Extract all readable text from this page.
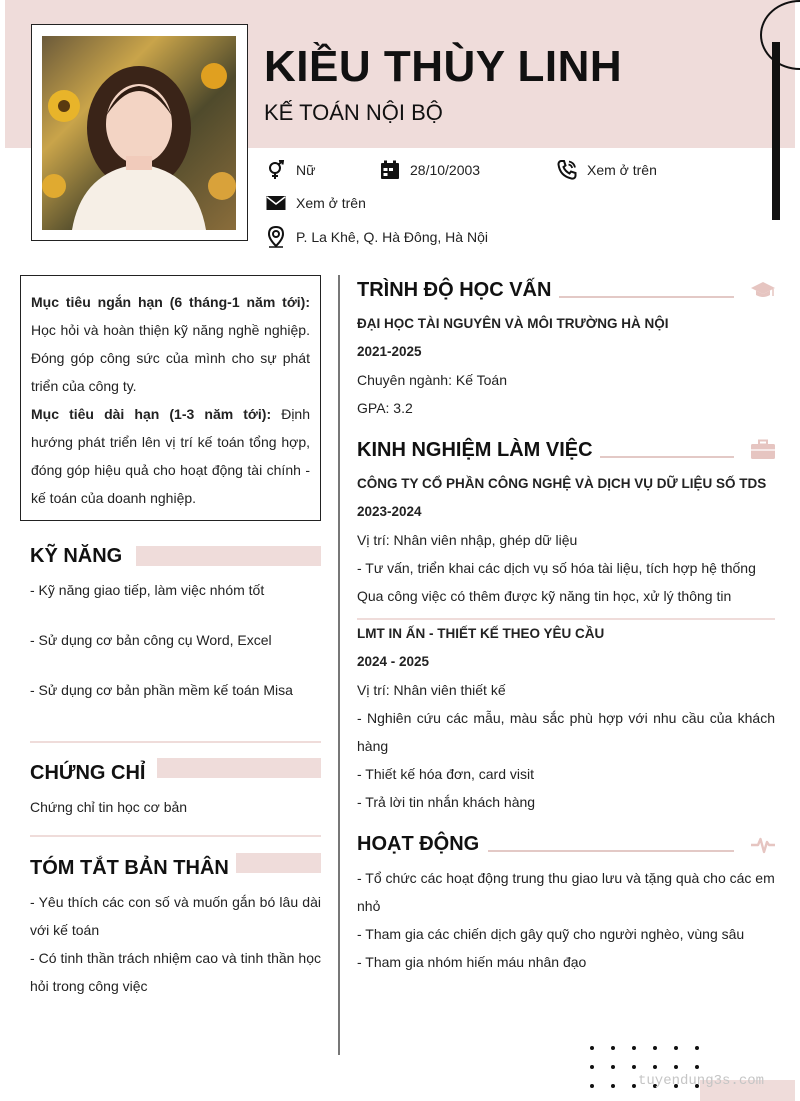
KIỀU THÙY LINH
KẾ TOÁN NỘI BỘ
Nữ	28/10/2003	Xem ở trên
Xem ở trên
P. La Khê, Q. Hà Đông, Hà Nội

Mục tiêu ngắn hạn (6 tháng-1 năm tới): Học hỏi và hoàn thiện kỹ năng nghề nghiệp. Đóng góp công sức của mình cho sự phát triển của công ty.

Mục tiêu dài hạn (1-3 năm tới): Định hướng phát triển lên vị trí kế toán tổng hợp, đóng góp hiệu quả cho hoạt động tài chính - kế toán của doanh nghiệp.

KỸ NĂNG
- Kỹ năng giao tiếp, làm việc nhóm tốt
- Sử dụng cơ bản công cụ Word, Excel
- Sử dụng cơ bản phần mềm kế toán Misa
CHỨNG CHỈ
Chứng chỉ tin học cơ bản
TÓM TẮT BẢN THÂN
- Yêu thích các con số và muốn gắn bó lâu dài với kế toán
- Có tinh thần trách nhiệm cao và tinh thần học hỏi trong công việc
TRÌNH ĐỘ HỌC VẤN
ĐẠI HỌC TÀI NGUYÊN VÀ MÔI TRƯỜNG HÀ NỘI
2021-2025
Chuyên ngành: Kế Toán
GPA: 3.2
KINH NGHIỆM LÀM VIỆC
CÔNG TY CỔ PHẦN CÔNG NGHỆ VÀ DỊCH VỤ DỮ LIỆU SỐ TDS
2023-2024
Vị trí: Nhân viên nhập, ghép dữ liệu
- Tư vấn, triển khai các dịch vụ số hóa tài liệu, tích hợp hệ thống
Qua công việc có thêm được kỹ năng tin học, xử lý thông tin
LMT IN ẤN - THIẾT KẾ THEO YÊU CẦU
2024 - 2025
Vị trí: Nhân viên thiết kế
- Nghiên cứu các mẫu, màu sắc phù hợp với nhu cầu của khách hàng
- Thiết kế hóa đơn, card visit
- Trả lời tin nhắn khách hàng
HOẠT ĐỘNG
- Tổ chức các hoạt động trung thu giao lưu và tặng quà cho các em nhỏ
- Tham gia các chiến dịch gây quỹ cho người nghèo, vùng sâu
- Tham gia nhóm hiến máu nhân đạo
tuyendung3s.com
